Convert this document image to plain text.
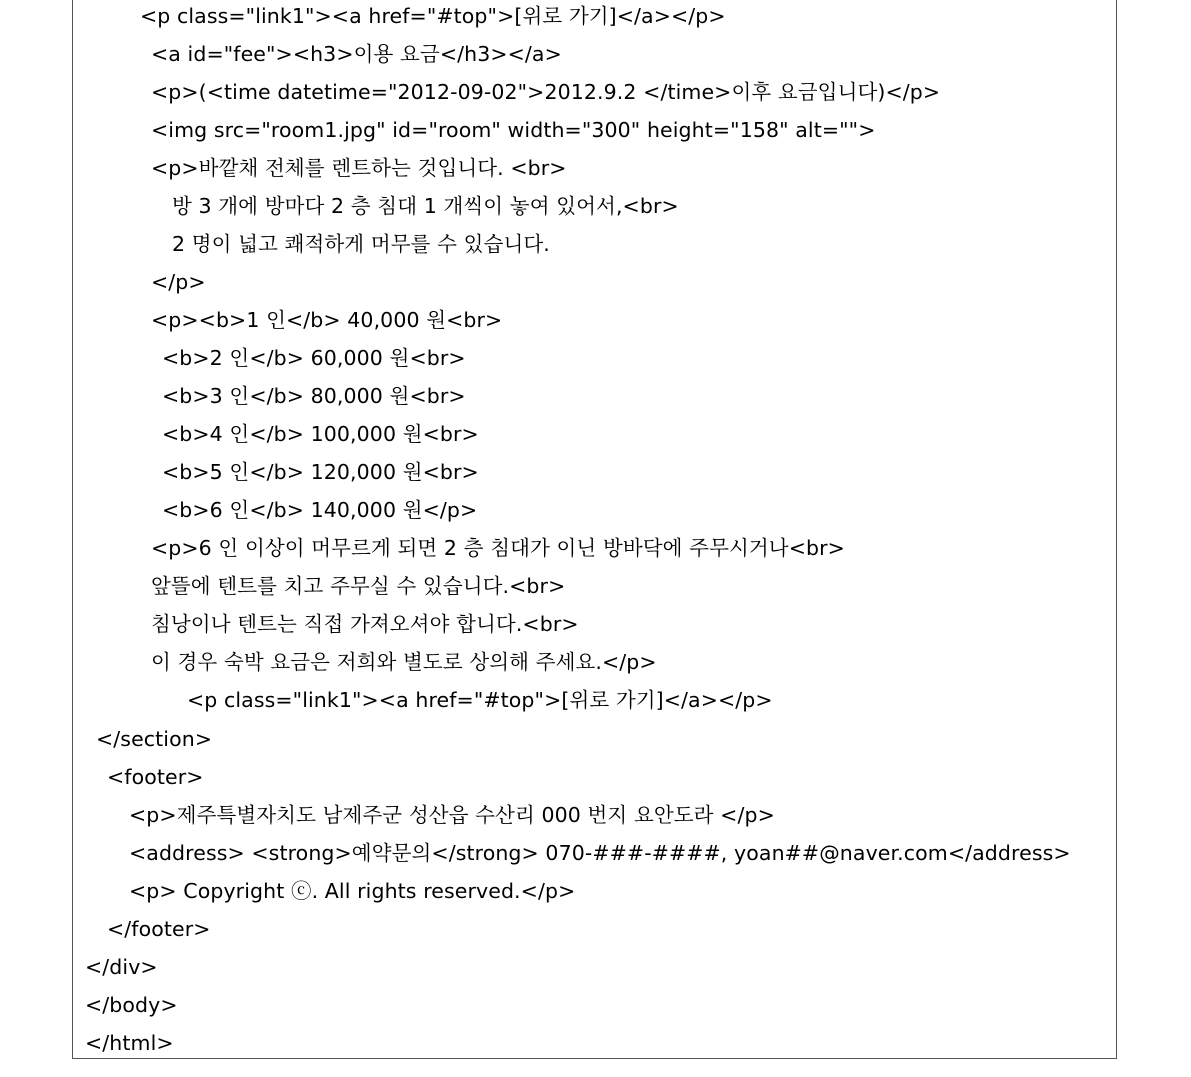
<p class="link1"><a href="#top">[위로 가기]</a></p>
<a id="fee"><h3>이용 요금</h3></a>
<p>(<time datetime="2012-09-02">2012.9.2 </time>이후 요금입니다)</p>
<img src="room1.jpg" id="room" width="300" height="158" alt="">
<p>바깥채 전체를 렌트하는 것입니다. <br>
방 3 개에 방마다 2 층 침대 1 개씩이 놓여 있어서,<br>
2 명이 넓고 쾌적하게 머무를 수 있습니다.
</p>
<p><b>1 인</b> 40,000 원<br>
<b>2 인</b> 60,000 원<br>
<b>3 인</b> 80,000 원<br>
<b>4 인</b> 100,000 원<br>
<b>5 인</b> 120,000 원<br>
<b>6 인</b> 140,000 원</p>
<p>6 인 이상이 머무르게 되면 2 층 침대가 이닌 방바닥에 주무시거나<br>
앞뜰에 텐트를 치고 주무실 수 있습니다.<br>
침낭이나 텐트는 직접 가져오셔야 합니다.<br>
이 경우 숙박 요금은 저희와 별도로 상의해 주세요.</p>
<p class="link1"><a href="#top">[위로 가기]</a></p>
</section>
<footer>
<p>제주특별자치도 남제주군 성산읍 수산리 000 번지 요안도라 </p>
<address> <strong>예약문의</strong> 070-###-####, yoan##@naver.com</address>
<p> Copyright ⓒ. All rights reserved.</p>
</footer>
</div>
</body>
</html>
